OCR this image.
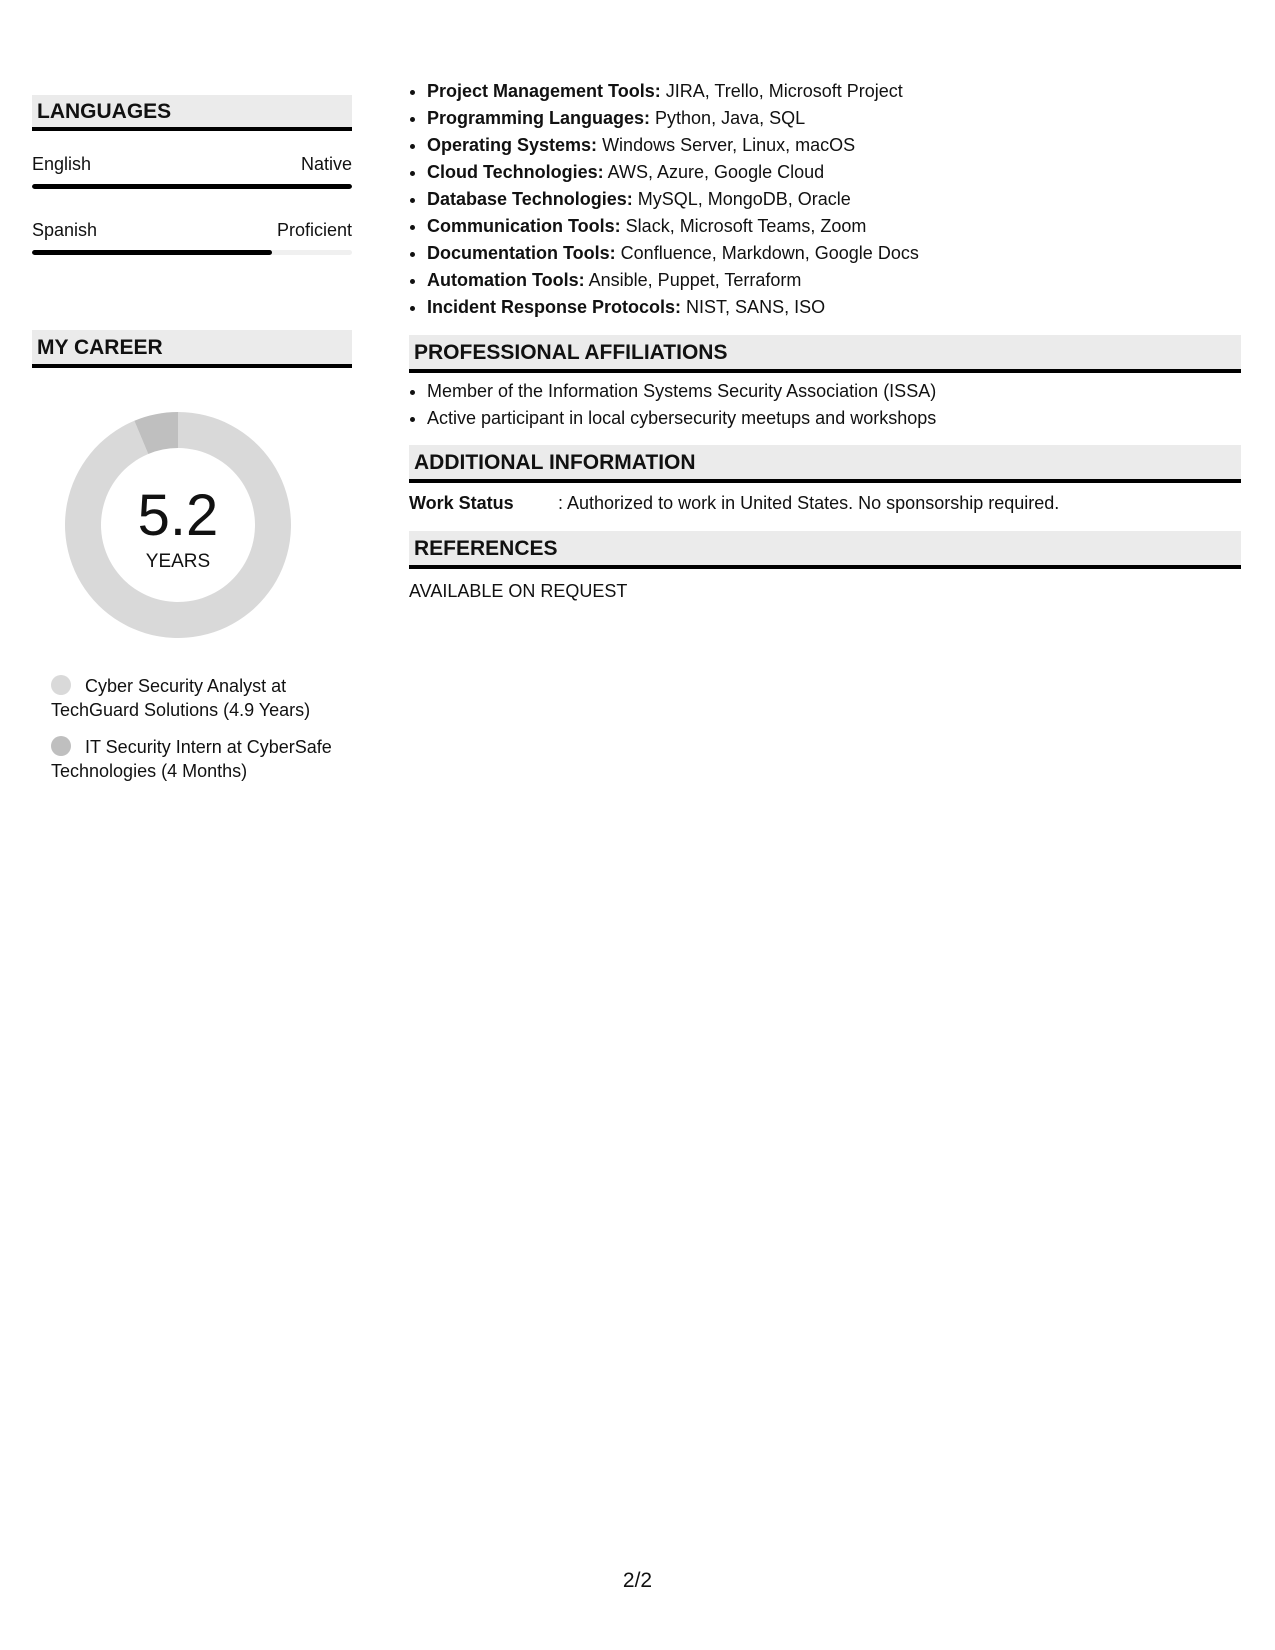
LANGUAGES
English	Native
Spanish	Proficient
MY CAREER
5.2
YEARS
Cyber Security Analyst at TechGuard Solutions (4.9 Years)
IT Security Intern at CyberSafe Technologies (4 Months)
• Project Management Tools: JIRA, Trello, Microsoft Project
• Programming Languages: Python, Java, SQL
• Operating Systems: Windows Server, Linux, macOS
• Cloud Technologies: AWS, Azure, Google Cloud
• Database Technologies: MySQL, MongoDB, Oracle
• Communication Tools: Slack, Microsoft Teams, Zoom
• Documentation Tools: Confluence, Markdown, Google Docs
• Automation Tools: Ansible, Puppet, Terraform
• Incident Response Protocols: NIST, SANS, ISO
PROFESSIONAL AFFILIATIONS
• Member of the Information Systems Security Association (ISSA)
• Active participant in local cybersecurity meetups and workshops
ADDITIONAL INFORMATION
Work Status	: Authorized to work in United States. No sponsorship required.
REFERENCES
AVAILABLE ON REQUEST
2/2
